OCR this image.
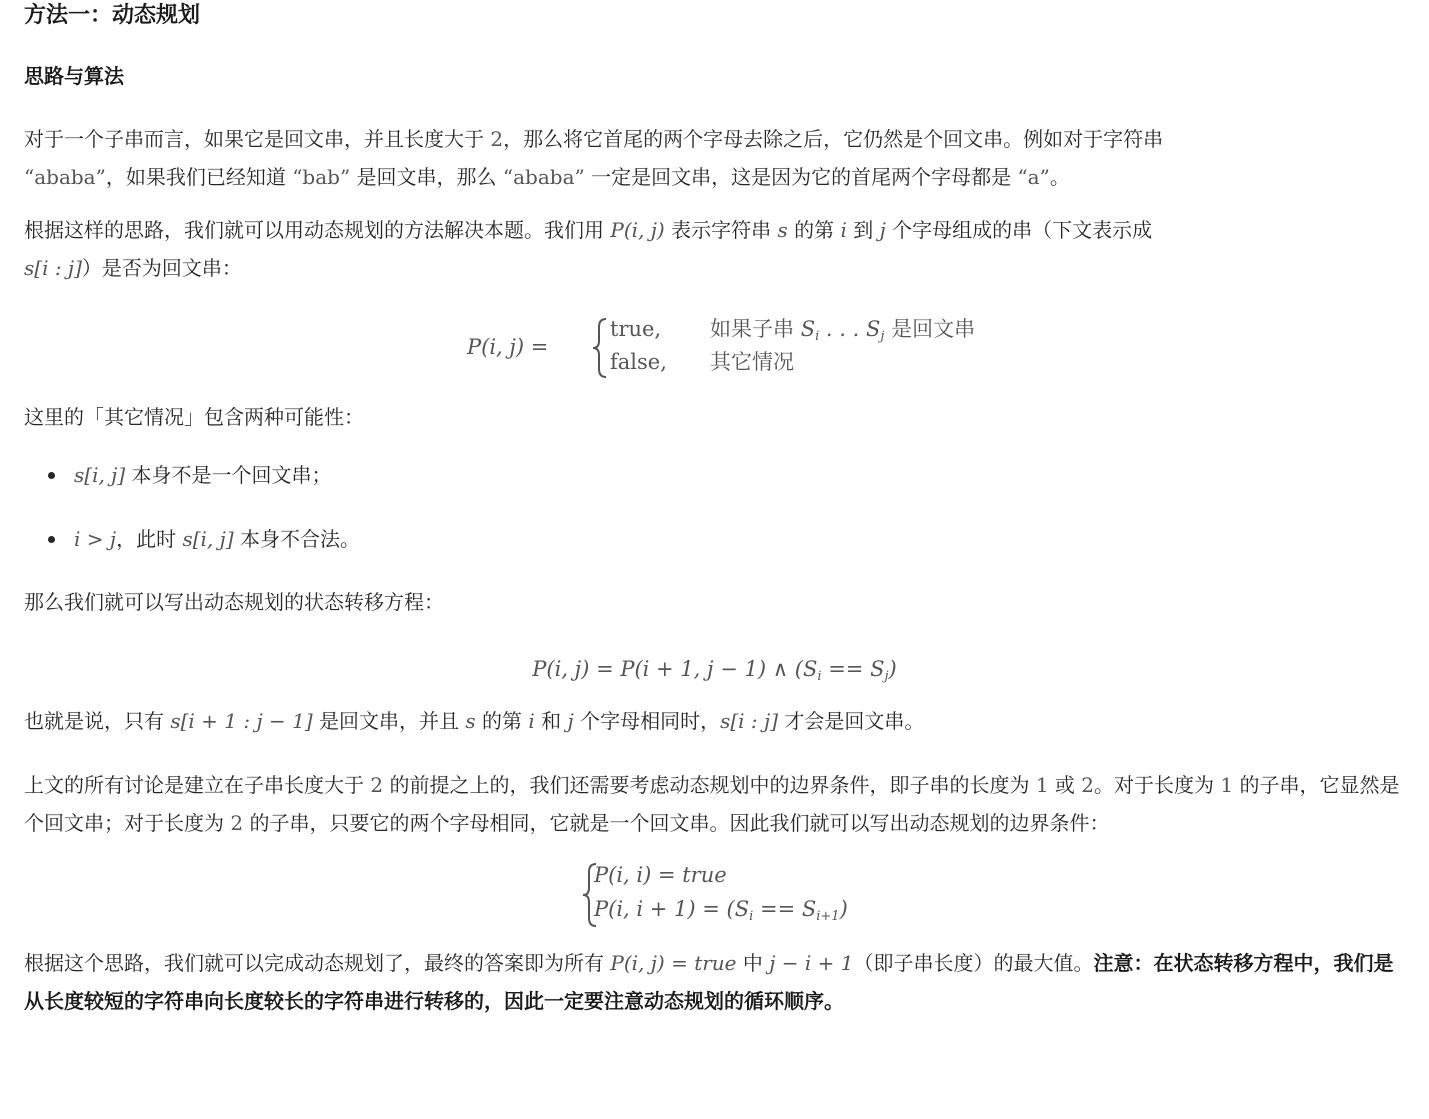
方法一：动态规划
思路与算法

对于一个子串而言，如果它是回文串，并且长度大于 2，那么将它首尾的两个字母去除之后，它仍然是个回文串。例如对于字符串
“ababa”，如果我们已经知道 “bab” 是回文串，那么 “ababa” 一定是回文串，这是因为它的首尾两个字母都是 “a”。

根据这样的思路，我们就可以用动态规划的方法解决本题。我们用 P(i, j) 表示字符串 s 的第 i 到 j 个字母组成的串（下文表示成
s[i : j]）是否为回文串：

P(i, j) =
true, 如果子串 $S_i$ . . . $S_j$ 是回文串
false, 其它情况

这里的「其它情况」包含两种可能性：

s[i, j] 本身不是一个回文串；
i > j，此时 s[i, j] 本身不合法。

那么我们就可以写出动态规划的状态转移方程：

P(i, j) = P(i + 1, j − 1) ∧ $(S_i == S_j)$

也就是说，只有 s[i + 1 : j − 1] 是回文串，并且 s 的第 i 和 j 个字母相同时，s[i : j] 才会是回文串。

上文的所有讨论是建立在子串长度大于 2 的前提之上的，我们还需要考虑动态规划中的边界条件，即子串的长度为 1 或 2。对于长度为 1 的子串，它显然是个回文串；对于长度为 2 的子串，只要它的两个字母相同，它就是一个回文串。因此我们就可以写出动态规划的边界条件：

P(i, i) = true
P(i, $i + 1) = (S_i == S_{i+1})$

根据这个思路，我们就可以完成动态规划了，最终的答案即为所有 P(i, j) = true 中 j − i + 1（即子串长度）的最大值。注意：在状态转移方程中，我们是从长度较短的字符串向长度较长的字符串进行转移的，因此一定要注意动态规划的循环顺序。
